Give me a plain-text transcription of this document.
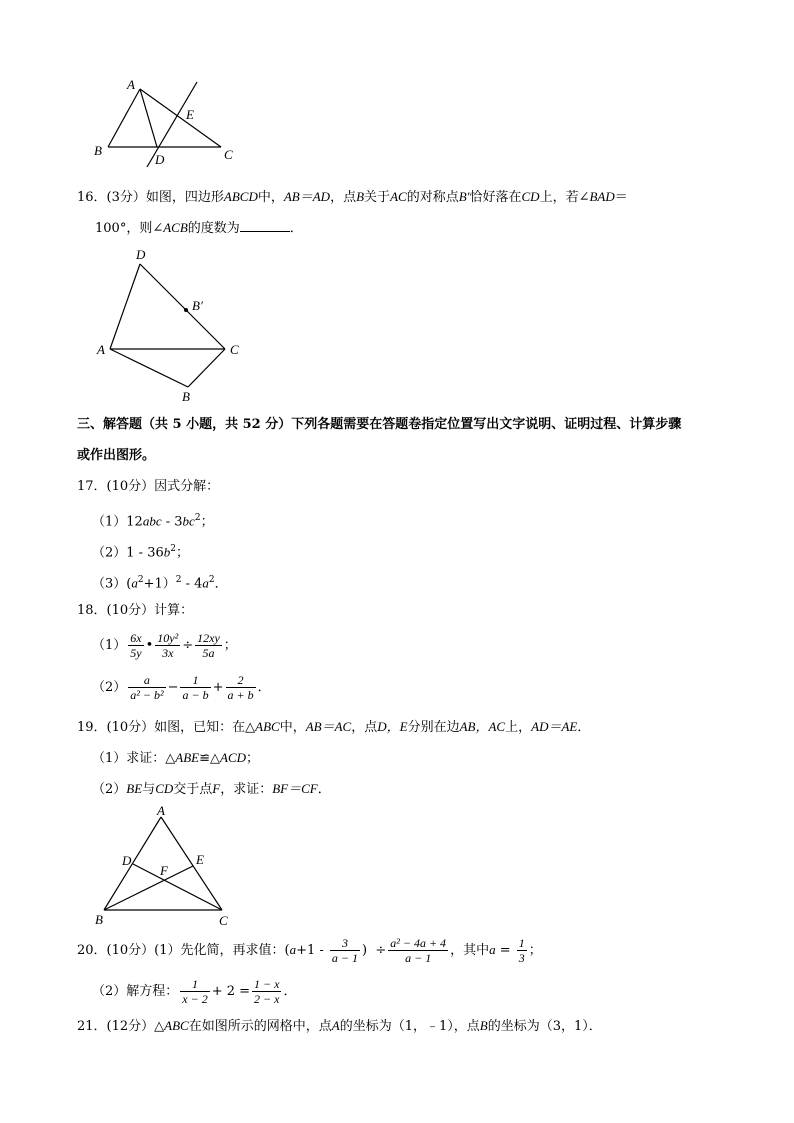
A
B	C
D
E
16．(3分）如图，四边形ABCD中，AB＝AD，点B关于AC的对称点B′恰好落在CD上，若∠BAD＝
100°，则∠ACB的度数为	．
D
B′
A	C
B
三、解答题（共 5 小题，共 52 分）下列各题需要在答题卷指定位置写出文字说明、证明过程、计算步骤
或作出图形。
17．(10分）因式分解：
$(1)12abc - 3bc^2$；
$(2)1 - 36b^2$；
$(3)(a^2+1)^2 - 4a^2$．
18．(10分）计算：
$(1) \frac{6x}{5y}$ • $\frac{\text{10y²}}{3x} \div \frac{12xy}{5a}$ ；
$(2) \frac{a}{\text{a² − b²}} - \frac{1}{a - b} + \frac{2}{a + b}$ ．
19．(10分）如图，已知：在△ABC中，AB＝AC，点D，E分别在边AB，AC上，AD＝AE．
（1）求证：△ABE≌△ACD；
（2）BE与CD交于点F，求证：BF＝CF．
A
D	E
F
B	C
20．(10分）(1）先化简，再求值：($a+1 - \frac{3}{a - 1}$ ) ÷ $\frac{\text{a² − 4a + 4}}{a - 1}$ ，其中$a = \frac{1}{3}$ ；
（2）解方程： $\frac{1}{x - 2} + 2 = \frac{1 - x}{2 - x}$ ．
21．(12分）△ABC在如图所示的网格中，点A的坐标为（1，﹣1），点B的坐标为（3，1）．
